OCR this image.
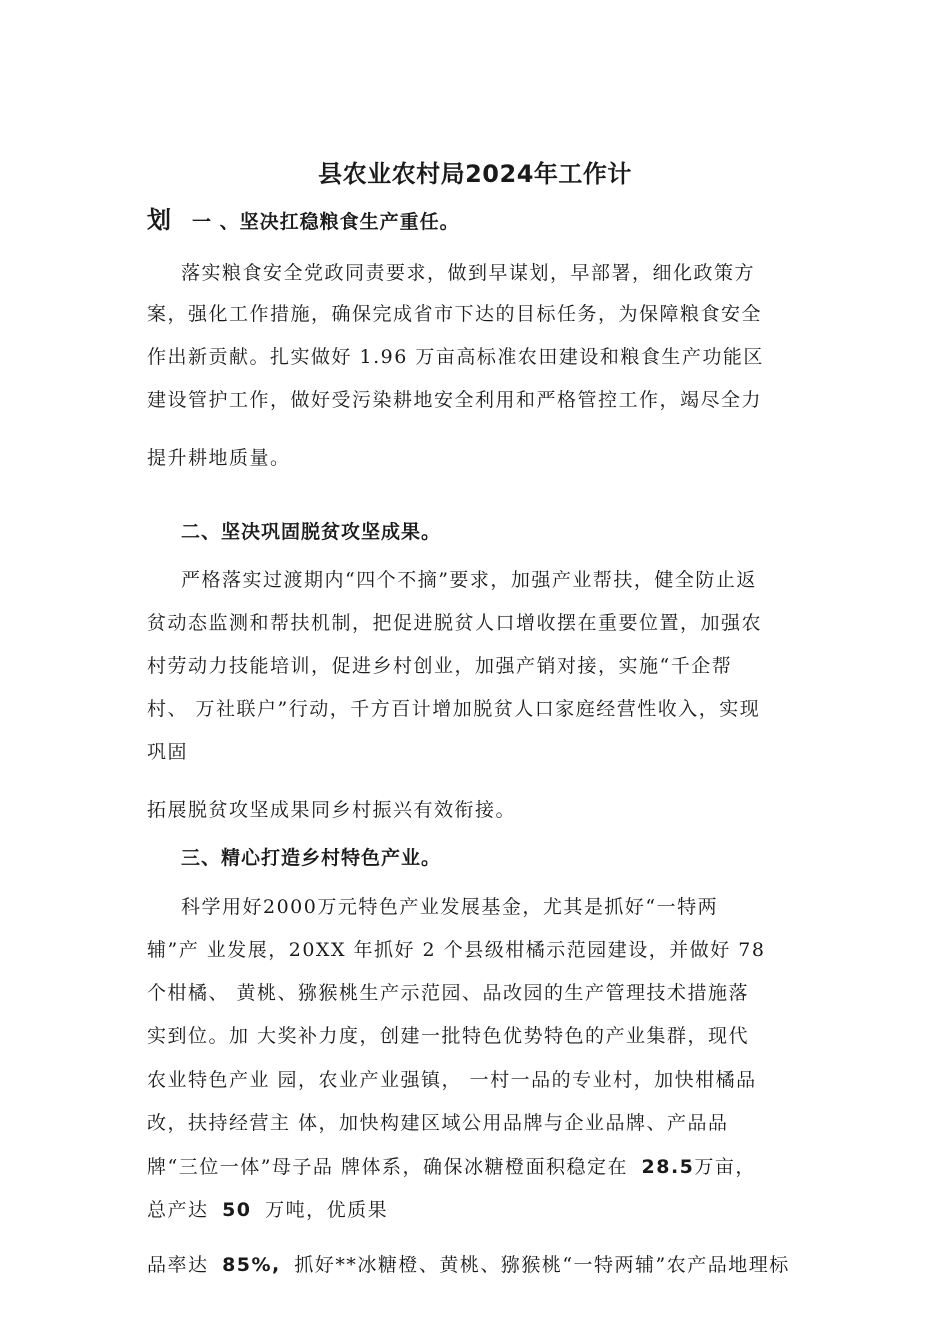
县农业农村局2024年工作计
划 一 、坚决扛稳粮食生产重任。
落实粮食安全党政同责要求，做到早谋划，早部署，细化政策方
案，强化工作措施，确保完成省市下达的目标任务，为保障粮食安全
作出新贡献。扎实做好 1.96 万亩高标准农田建设和粮食生产功能区
建设管护工作，做好受污染耕地安全利用和严格管控工作，竭尽全力
提升耕地质量。
二、坚决巩固脱贫攻坚成果。
严格落实过渡期内“四个不摘”要求，加强产业帮扶，健全防止返
贫动态监测和帮扶机制，把促进脱贫人口增收摆在重要位置，加强农
村劳动力技能培训，促进乡村创业，加强产销对接，实施“千企帮
村、 万社联户”行动，千方百计增加脱贫人口家庭经营性收入，实现
巩固
拓展脱贫攻坚成果同乡村振兴有效衔接。
三、精心打造乡村特色产业。
科学用好2000万元特色产业发展基金，尤其是抓好“一特两
辅”产 业发展，20XX 年抓好 2 个县级柑橘示范园建设，并做好 78
个柑橘、 黄桃、猕猴桃生产示范园、品改园的生产管理技术措施落
实到位。加 大奖补力度，创建一批特色优势特色的产业集群，现代
农业特色产业 园，农业产业强镇， 一村一品的专业村，加快柑橘品
改，扶持经营主 体，加快构建区域公用品牌与企业品牌、产品品
牌“三位一体”母子品 牌体系，确保冰糖橙面积稳定在 28.5万亩，
总产达 50 万吨，优质果
品率达 85%, 抓好**冰糖橙、黄桃、猕猴桃“一特两辅”农产品地理标
